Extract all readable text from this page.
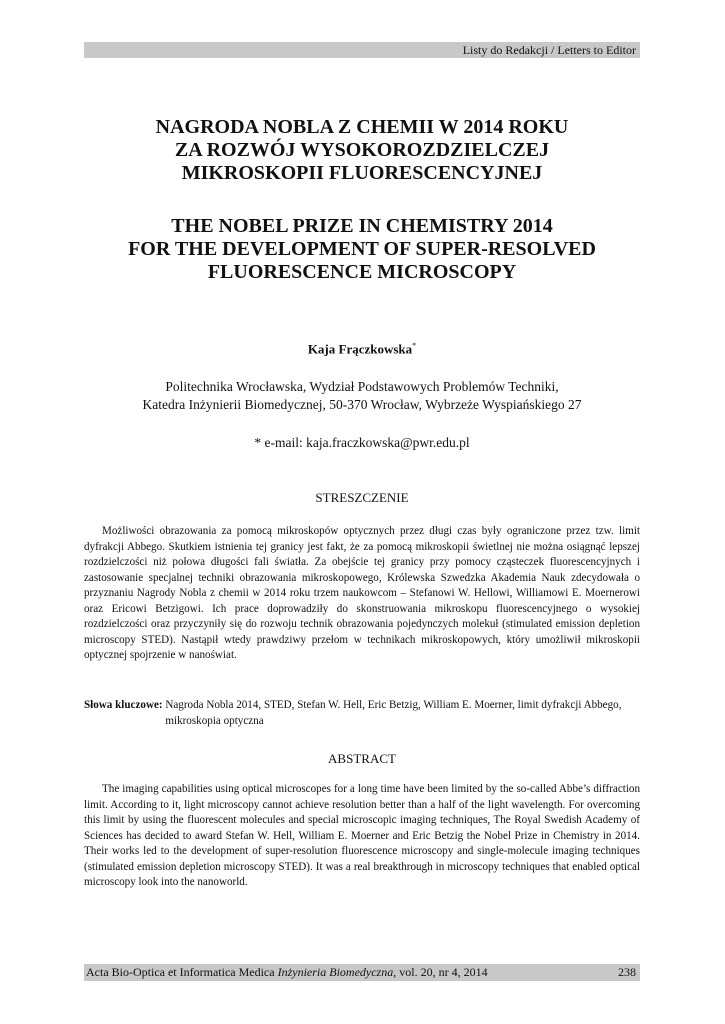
Listy do Redakcji / Letters to Editor
NAGRODA NOBLA Z CHEMII W 2014 ROKU
ZA ROZWÓJ WYSOKOROZDZIELCZEJ
MIKROSKOPII FLUORESCENCYJNEJ
THE NOBEL PRIZE IN CHEMISTRY 2014
FOR THE DEVELOPMENT OF SUPER-RESOLVED
FLUORESCENCE MICROSCOPY
Kaja Frączkowska*
Politechnika Wrocławska, Wydział Podstawowych Problemów Techniki,
Katedra Inżynierii Biomedycznej, 50-370 Wrocław, Wybrzeże Wyspiańskiego 27
* e-mail: kaja.fraczkowska@pwr.edu.pl
STRESZCZENIE

Możliwości obrazowania za pomocą mikroskopów optycznych przez długi czas były ograniczone przez tzw. limit dyfrakcji Abbego. Skutkiem istnienia tej granicy jest fakt, że za pomocą mikroskopii świetlnej nie można osiągnąć lepszej rozdzielczości niż połowa długości fali światła. Za obejście tej granicy przy pomocy cząsteczek fluorescencyjnych i zastosowanie specjalnej techniki obrazowania mikroskopowego, Królewska Szwedzka Akademia Nauk zdecydowała o przyznaniu Nagrody Nobla z chemii w 2014 roku trzem naukowcom – Stefanowi W. Hellowi, Williamowi E. Moernerowi oraz Ericowi Betzigowi. Ich prace doprowadziły do skonstruowania mikroskopu fluorescencyjnego o wysokiej rozdzielczości oraz przyczyniły się do rozwoju technik obrazowania pojedynczych molekuł (stimulated emission depletion microscopy STED). Nastąpił wtedy prawdziwy przełom w technikach mikroskopowych, który umożliwił mikroskopii optycznej spojrzenie w nanoświat.

Słowa kluczowe:
Nagroda Nobla 2014, STED, Stefan W. Hell, Eric Betzig, William E. Moerner, limit dyfrakcji Abbego, mikroskopia optyczna
ABSTRACT

The imaging capabilities using optical microscopes for a long time have been limited by the so-called Abbe’s diffraction limit. According to it, light microscopy cannot achieve resolution better than a half of the light wavelength. For overcoming this limit by using the fluorescent molecules and special microscopic imaging techniques, The Royal Swedish Academy of Sciences has decided to award Stefan W. Hell, William E. Moerner and Eric Betzig the Nobel Prize in Chemistry in 2014. Their works led to the development of super-resolution fluorescence microscopy and single-molecule imaging techniques (stimulated emission depletion microscopy STED). It was a real breakthrough in microscopy techniques that enabled optical microscopy look into the nanoworld.

Acta Bio-Optica et Informatica Medica Inżynieria Biomedyczna, vol. 20, nr 4, 2014	238
